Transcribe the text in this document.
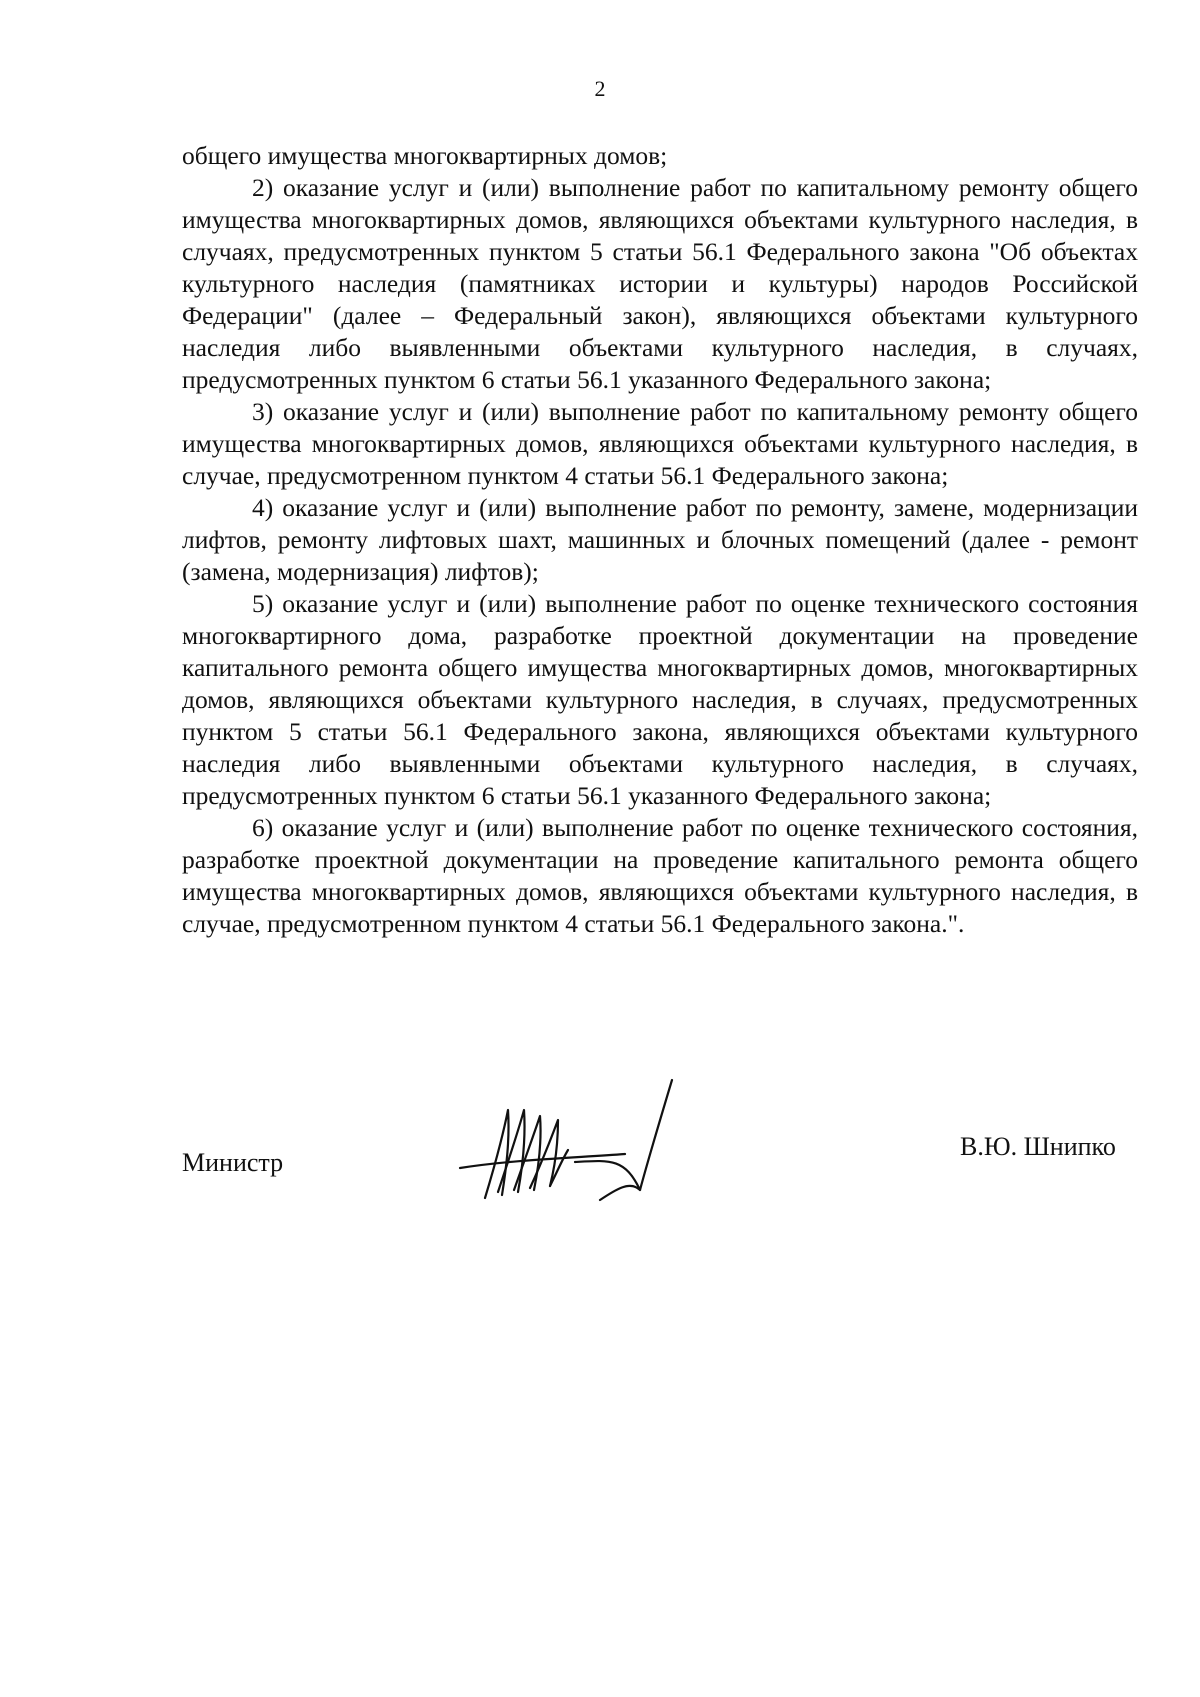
2

общего имущества многоквартирных домов;

2) оказание услуг и (или) выполнение работ по капитальному ремонту общего имущества многоквартирных домов, являющихся объектами культурного наследия, в случаях, предусмотренных пунктом 5 статьи 56.1 Федерального закона "Об объектах культурного наследия (памятниках истории и культуры) народов Российской Федерации" (далее – Федеральный закон), являющихся объектами культурного наследия либо выявленными объектами культурного наследия, в случаях, предусмотренных пунктом 6 статьи 56.1 указанного Федерального закона;

3) оказание услуг и (или) выполнение работ по капитальному ремонту общего имущества многоквартирных домов, являющихся объектами культурного наследия, в случае, предусмотренном пунктом 4 статьи 56.1 Федерального закона;

4) оказание услуг и (или) выполнение работ по ремонту, замене, модернизации лифтов, ремонту лифтовых шахт, машинных и блочных помещений (далее - ремонт (замена, модернизация) лифтов);

5) оказание услуг и (или) выполнение работ по оценке технического состояния многоквартирного дома, разработке проектной документации на проведение капитального ремонта общего имущества многоквартирных домов, многоквартирных домов, являющихся объектами культурного наследия, в случаях, предусмотренных пунктом 5 статьи 56.1 Федерального закона, являющихся объектами культурного наследия либо выявленными объектами культурного наследия, в случаях, предусмотренных пунктом 6 статьи 56.1 указанного Федерального закона;

6) оказание услуг и (или) выполнение работ по оценке технического состояния, разработке проектной документации на проведение капитального ремонта общего имущества многоквартирных домов, являющихся объектами культурного наследия, в случае, предусмотренном пунктом 4 статьи 56.1 Федерального закона.".

Министр
В.Ю. Шнипко
